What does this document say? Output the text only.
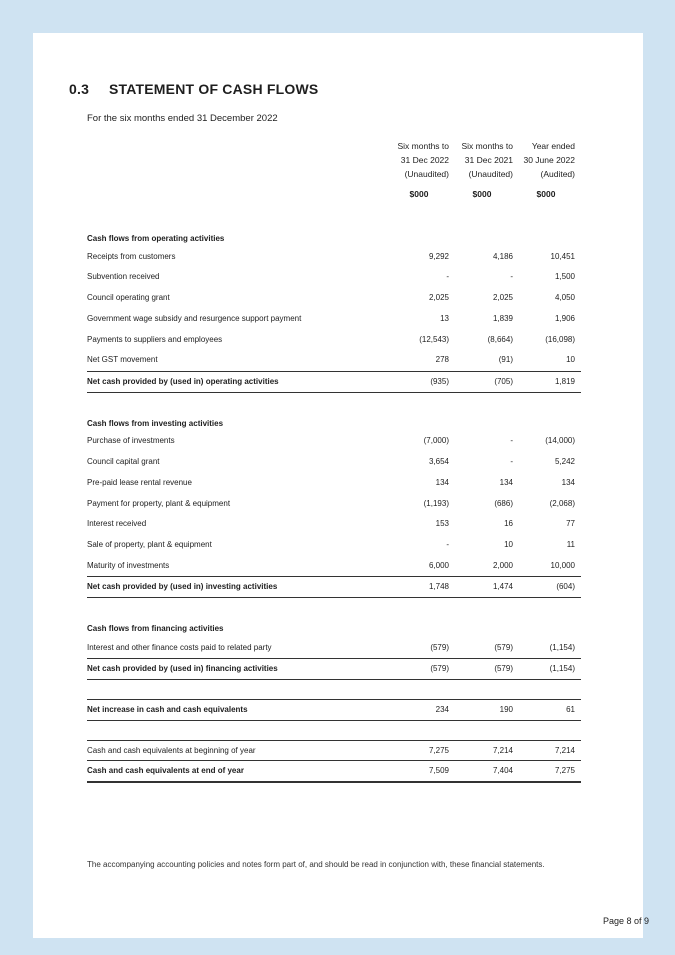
0.3 STATEMENT OF CASH FLOWS
For the six months ended 31 December 2022
Six months to
31 Dec 2022
(Unaudited)
$000
Six months to
31 Dec 2021
(Unaudited)
$000
Year ended
30 June 2022
(Audited)
$000
Cash flows from operating activities
Receipts from customers	9,292	4,186	10,451
Subvention received	-	-	1,500
Council operating grant	2,025	2,025	4,050
Government wage subsidy and resurgence support payment	13	1,839	1,906
Payments to suppliers and employees	(12,543)	(8,664)	(16,098)
Net GST movement	278	(91)	10
Net cash provided by (used in) operating activities	(935)	(705)	1,819
Cash flows from investing activities
Purchase of investments	(7,000)	-	(14,000)
Council capital grant	3,654	-	5,242
Pre-paid lease rental revenue	134	134	134
Payment for property, plant & equipment	(1,193)	(686)	(2,068)
Interest received	153	16	77
Sale of property, plant & equipment	-	10	11
Maturity of investments	6,000	2,000	10,000
Net cash provided by (used in) investing activities	1,748	1,474	(604)
Cash flows from financing activities
Interest and other finance costs paid to related party	(579)	(579)	(1,154)
Net cash provided by (used in) financing activities	(579)	(579)	(1,154)
Net increase in cash and cash equivalents	234	190	61
Cash and cash equivalents at beginning of year	7,275	7,214	7,214
Cash and cash equivalents at end of year	7,509	7,404	7,275
The accompanying accounting policies and notes form part of, and should be read in conjunction with, these financial statements.
Page 8 of 9
